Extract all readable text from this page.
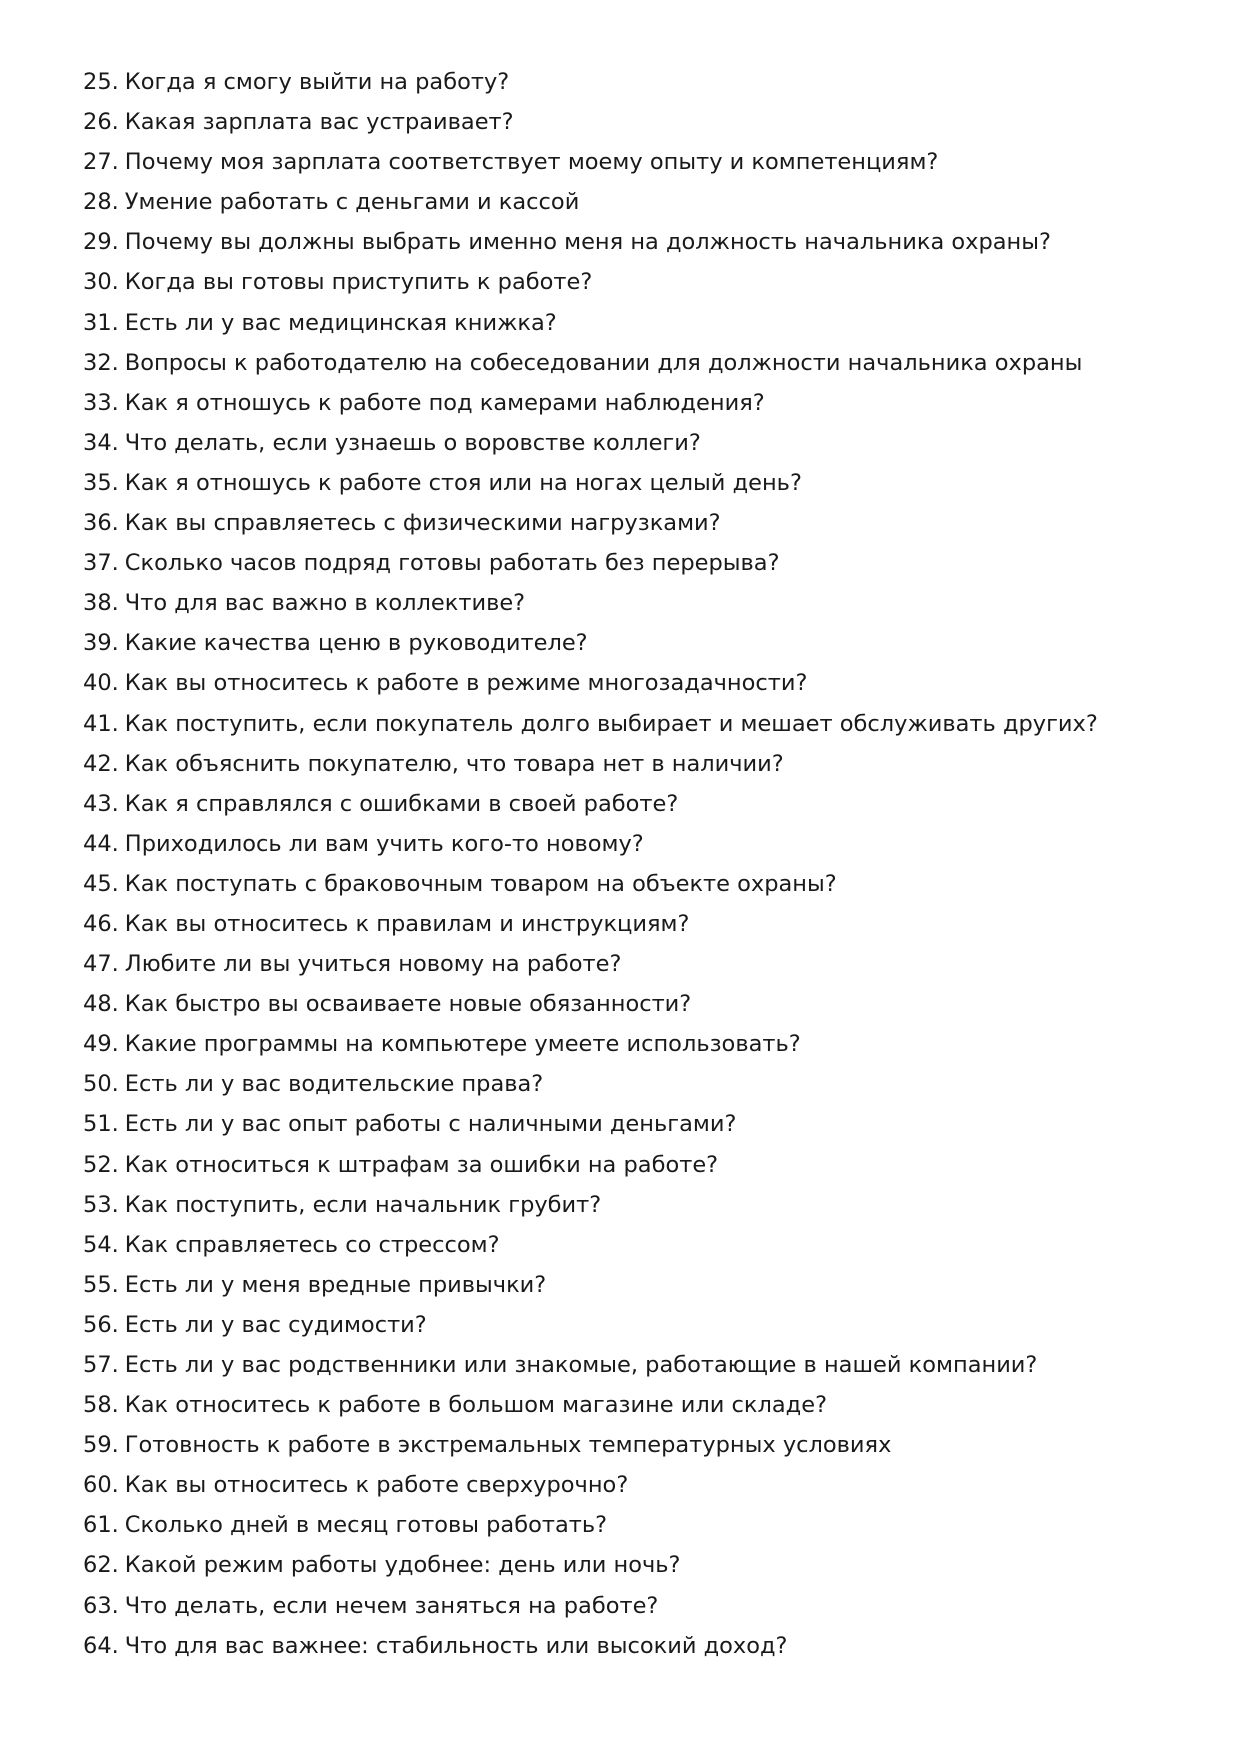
25. Когда я смогу выйти на работу?
26. Какая зарплата вас устраивает?
27. Почему моя зарплата соответствует моему опыту и компетенциям?
28. Умение работать с деньгами и кассой
29. Почему вы должны выбрать именно меня на должность начальника охраны?
30. Когда вы готовы приступить к работе?
31. Есть ли у вас медицинская книжка?
32. Вопросы к работодателю на собеседовании для должности начальника охраны
33. Как я отношусь к работе под камерами наблюдения?
34. Что делать, если узнаешь о воровстве коллеги?
35. Как я отношусь к работе стоя или на ногах целый день?
36. Как вы справляетесь с физическими нагрузками?
37. Сколько часов подряд готовы работать без перерыва?
38. Что для вас важно в коллективе?
39. Какие качества ценю в руководителе?
40. Как вы относитесь к работе в режиме многозадачности?
41. Как поступить, если покупатель долго выбирает и мешает обслуживать других?
42. Как объяснить покупателю, что товара нет в наличии?
43. Как я справлялся с ошибками в своей работе?
44. Приходилось ли вам учить кого-то новому?
45. Как поступать с браковочным товаром на объекте охраны?
46. Как вы относитесь к правилам и инструкциям?
47. Любите ли вы учиться новому на работе?
48. Как быстро вы осваиваете новые обязанности?
49. Какие программы на компьютере умеете использовать?
50. Есть ли у вас водительские права?
51. Есть ли у вас опыт работы с наличными деньгами?
52. Как относиться к штрафам за ошибки на работе?
53. Как поступить, если начальник грубит?
54. Как справляетесь со стрессом?
55. Есть ли у меня вредные привычки?
56. Есть ли у вас судимости?
57. Есть ли у вас родственники или знакомые, работающие в нашей компании?
58. Как относитесь к работе в большом магазине или складе?
59. Готовность к работе в экстремальных температурных условиях
60. Как вы относитесь к работе сверхурочно?
61. Сколько дней в месяц готовы работать?
62. Какой режим работы удобнее: день или ночь?
63. Что делать, если нечем заняться на работе?
64. Что для вас важнее: стабильность или высокий доход?
